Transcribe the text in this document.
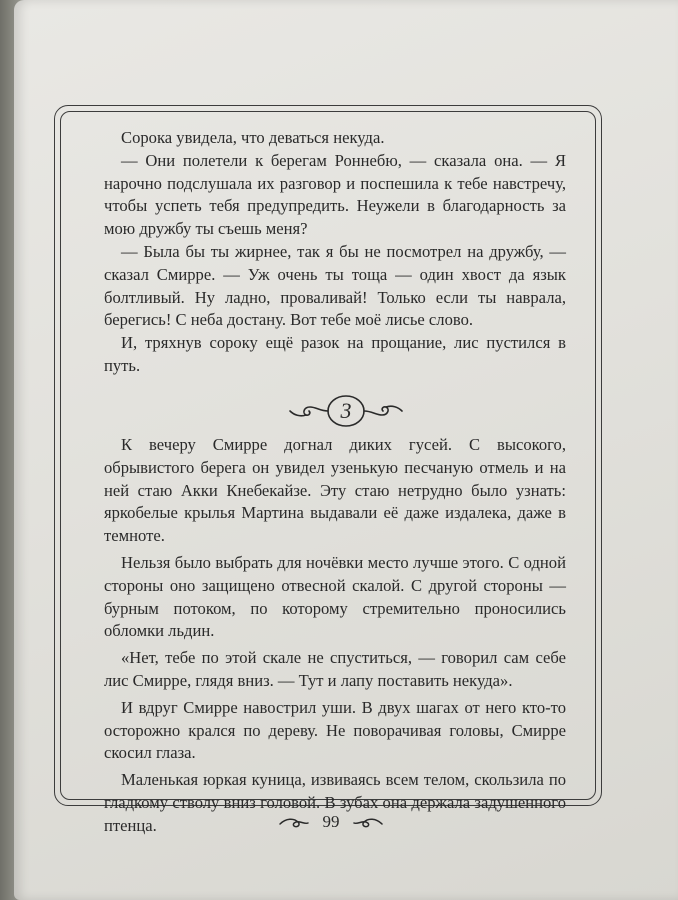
Сорока увидела, что деваться некуда.

— Они полетели к берегам Роннебю, — сказала она. — Я нарочно подслушала их разговор и поспешила к тебе навстречу, чтобы успеть тебя предупредить. Неужели в благодарность за мою дружбу ты съешь меня?

— Была бы ты жирнее, так я бы не посмотрел на дружбу, — сказал Смирре. — Уж очень ты тоща — один хвост да язык болтливый. Ну ладно, проваливай! Только если ты наврала, берегись! С неба достану. Вот тебе моё лисье слово.

И, тряхнув сороку ещё разок на прощание, лис пустился в путь.

3

К вечеру Смирре догнал диких гусей. С высокого, обрывистого берега он увидел узенькую песчаную отмель и на ней стаю Акки Кнебекайзе. Эту стаю нетрудно было узнать: яркобелые крылья Мартина выдавали её даже издалека, даже в темноте.

Нельзя было выбрать для ночёвки место лучше этого. С одной стороны оно защищено отвесной скалой. С другой стороны — бурным потоком, по которому стремительно проносились обломки льдин.

«Нет, тебе по этой скале не спуститься, — говорил сам себе лис Смирре, глядя вниз. — Тут и лапу поставить некуда».

И вдруг Смирре навострил уши. В двух шагах от него кто-то осторожно крался по дереву. Не поворачивая головы, Смирре скосил глаза.

Маленькая юркая куница, извиваясь всем телом, скользила по гладкому стволу вниз головой. В зубах она держала задушенного птенца.	99
